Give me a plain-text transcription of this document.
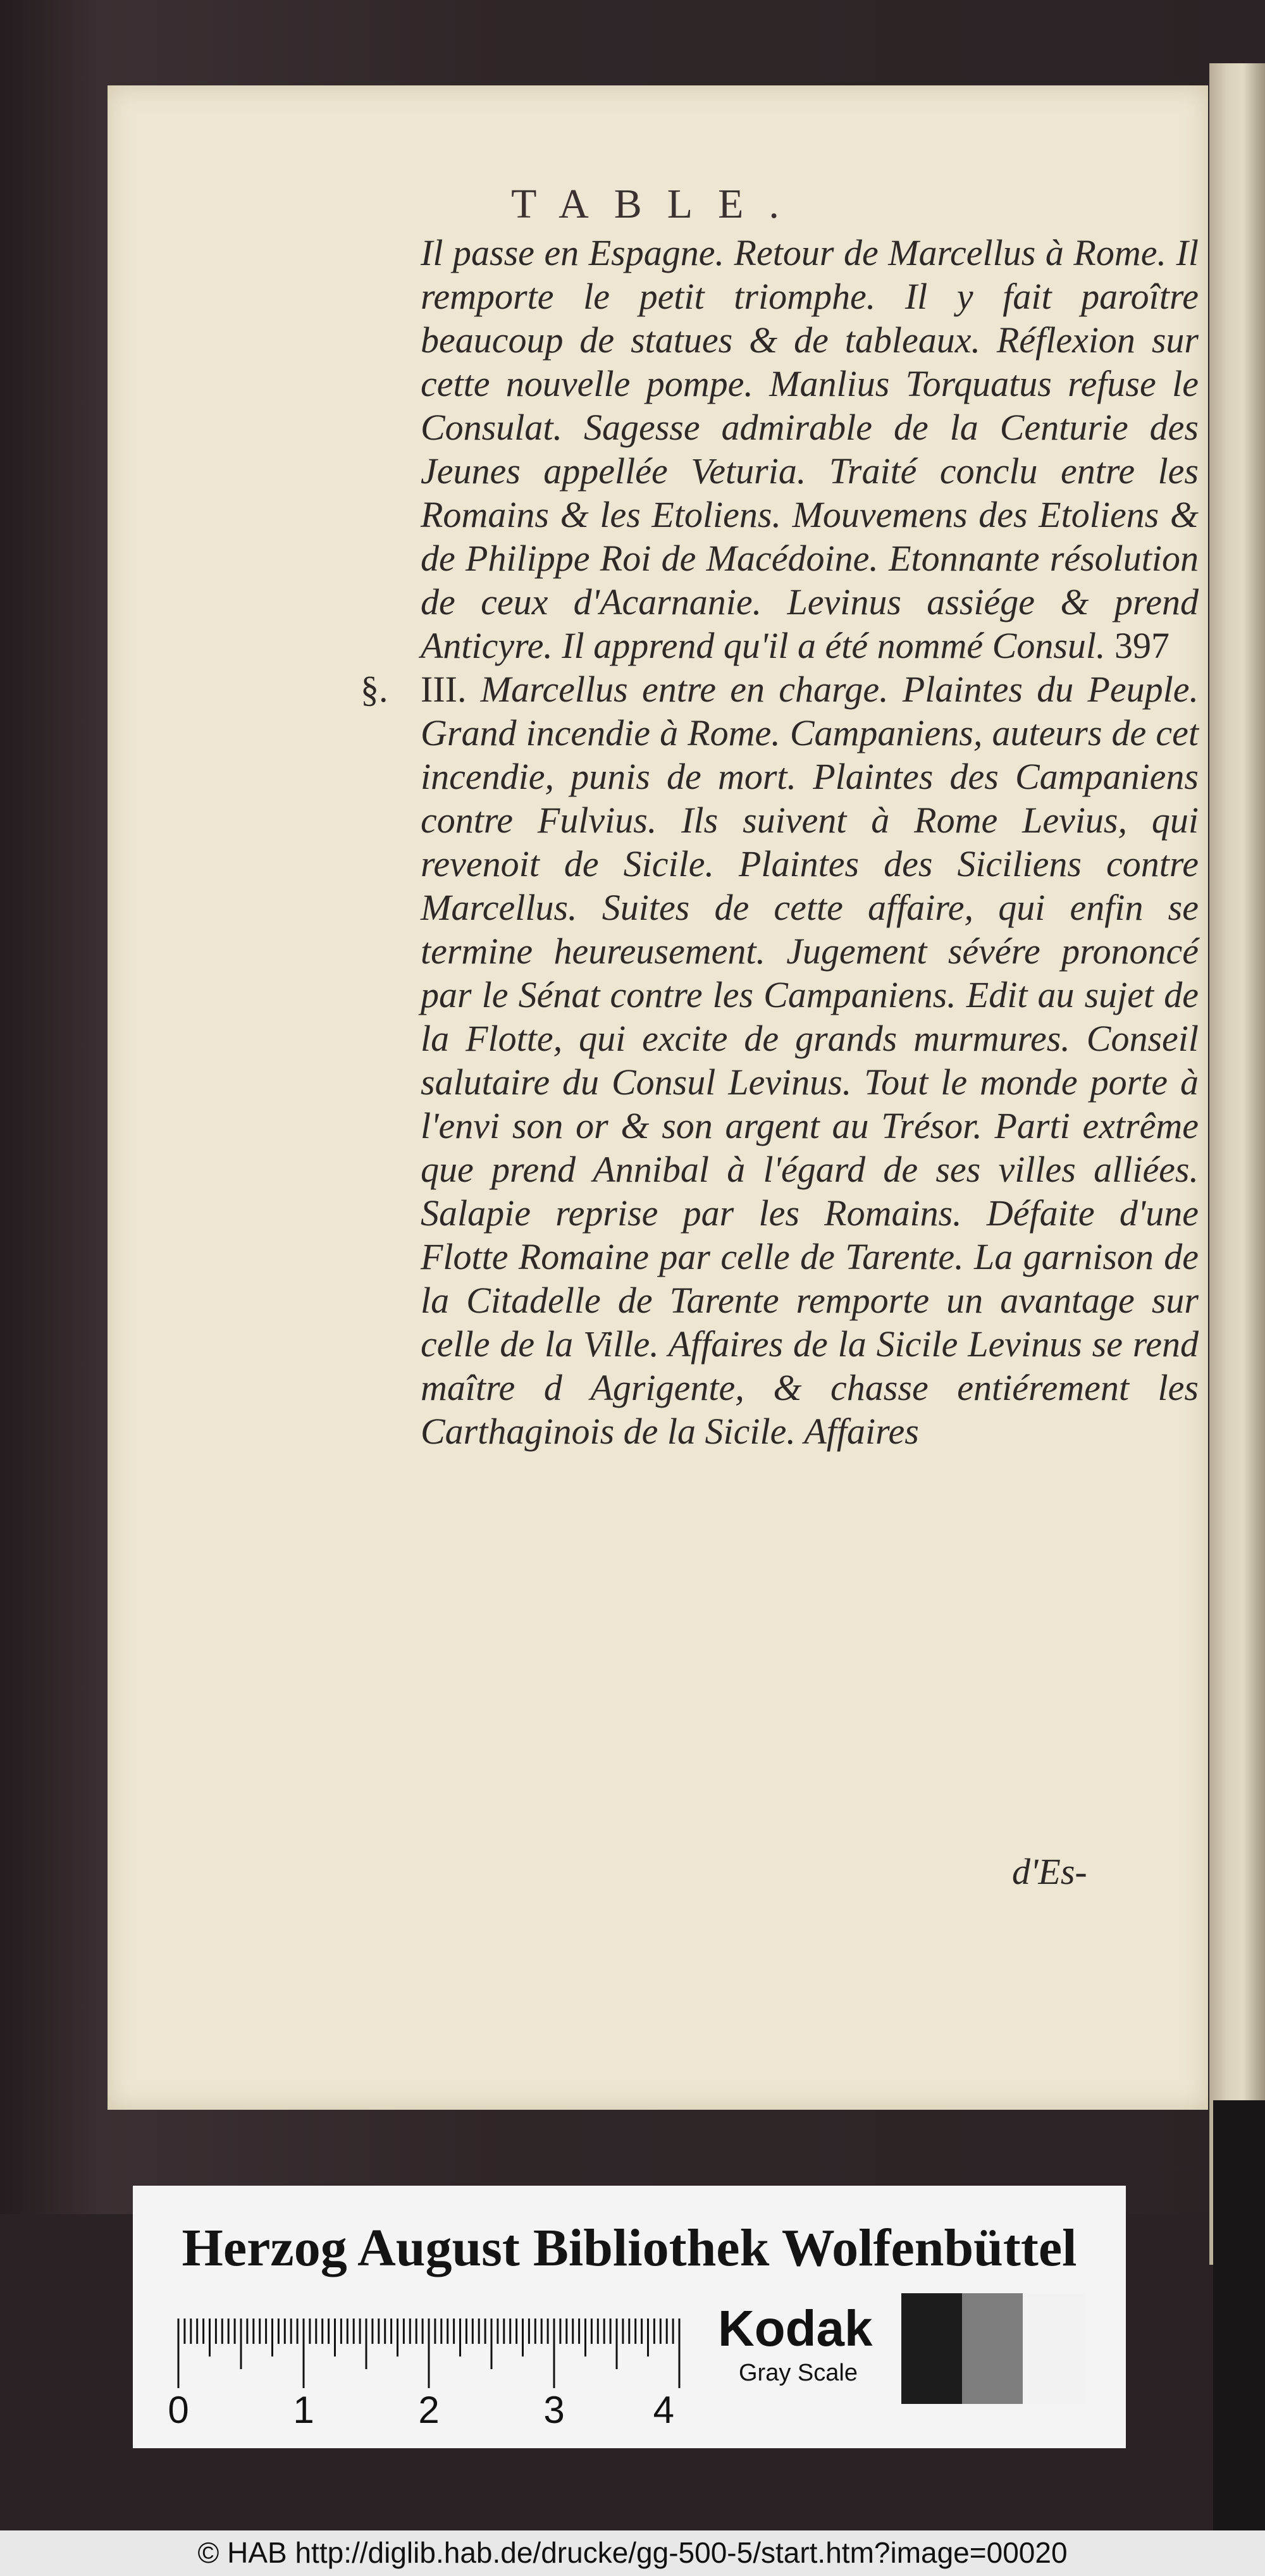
TABLE.

Il passe en Espagne. Retour de Marcellus à Rome. Il remporte le petit triomphe. Il y fait paroître beaucoup de statues & de tableaux. Réflexion sur cette nouvelle pompe. Manlius Torquatus refuse le Consulat. Sagesse admirable de la Centurie des Jeunes appellée Veturia. Traité conclu entre les Romains & les Etoliens. Mouvemens des Etoliens & de Philippe Roi de Macédoine. Etonnante résolution de ceux d'Acarnanie. Levinus assiége & prend Anticyre. Il apprend qu'il a été nommé Consul. 397

§. III. Marcellus entre en charge. Plaintes du Peuple. Grand incendie à Rome. Campaniens, auteurs de cet incendie, punis de mort. Plaintes des Campaniens contre Fulvius. Ils suivent à Rome Levius, qui revenoit de Sicile. Plaintes des Siciliens contre Marcellus. Suites de cette affaire, qui enfin se termine heureusement. Jugement sévére prononcé par le Sénat contre les Campaniens. Edit au sujet de la Flotte, qui excite de grands murmures. Conseil salutaire du Consul Levinus. Tout le monde porte à l'envi son or & son argent au Trésor. Parti extrême que prend Annibal à l'égard de ses villes alliées. Salapie reprise par les Romains. Défaite d'une Flotte Romaine par celle de Tarente. La garnison de la Citadelle de Tarente remporte un avantage sur celle de la Ville. Affaires de la Sicile Levinus se rend maître d Agrigente, & chasse entiérement les Carthaginois de la Sicile. Affaires

d'Es-
Herzog August Bibliothek Wolfenbüttel
0	1	2	3 4
Kodak
Gray Scale
© HAB http://diglib.hab.de/drucke/gg-500-5/start.htm?image=00020
